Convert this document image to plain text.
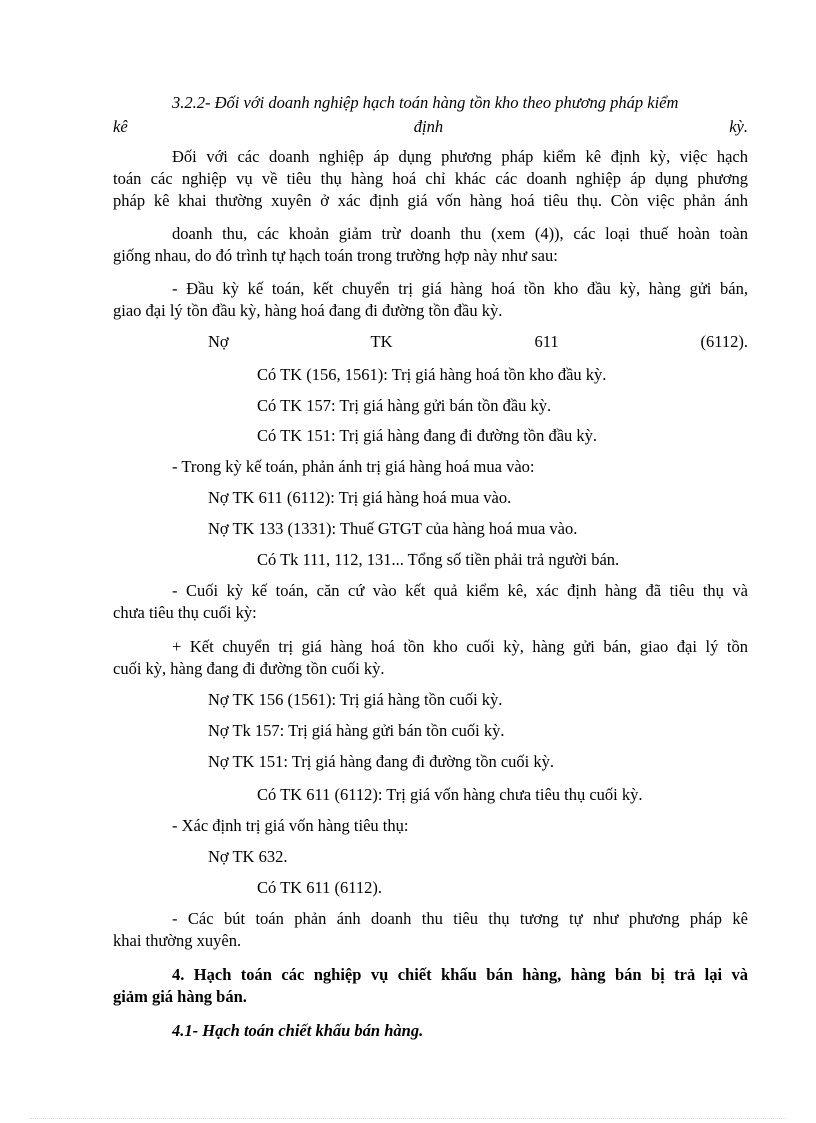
3.2.2- Đối với doanh nghiệp hạch toán hàng tồn kho theo phương pháp kiểm
kê	định	kỳ.
Đối với các doanh nghiệp áp dụng phương pháp kiểm kê định kỳ, việc hạch
toán các nghiệp vụ về tiêu thụ hàng hoá chỉ khác các doanh nghiệp áp dụng phương
pháp kê khai thường xuyên ở xác định giá vốn hàng hoá tiêu thụ. Còn việc phản ánh
doanh thu, các khoản giảm trừ doanh thu (xem (4)), các loại thuế hoàn toàn
giống nhau, do đó trình tự hạch toán trong trường hợp này như sau:
- Đầu kỳ kế toán, kết chuyển trị giá hàng hoá tồn kho đầu kỳ, hàng gửi bán,
giao đại lý tồn đầu kỳ, hàng hoá đang đi đường tồn đầu kỳ.
Nợ	TK	611	(6112).
Có TK (156, 1561): Trị giá hàng hoá tồn kho đầu kỳ.
Có TK 157: Trị giá hàng gửi bán tồn đầu kỳ.
Có TK 151: Trị giá hàng đang đi đường tồn đầu kỳ.
- Trong kỳ kế toán, phản ánh trị giá hàng hoá mua vào:
Nợ TK 611 (6112): Trị giá hàng hoá mua vào.
Nợ TK 133 (1331): Thuế GTGT của hàng hoá mua vào.
Có Tk 111, 112, 131... Tổng số tiền phải trả người bán.
- Cuối kỳ kế toán, căn cứ vào kết quả kiểm kê, xác định hàng đã tiêu thụ và
chưa tiêu thụ cuối kỳ:
+ Kết chuyển trị giá hàng hoá tồn kho cuối kỳ, hàng gửi bán, giao đại lý tồn
cuối kỳ, hàng đang đi đường tồn cuối kỳ.
Nợ TK 156 (1561): Trị giá hàng tồn cuối kỳ.
Nợ Tk 157: Trị giá hàng gửi bán tồn cuối kỳ.
Nợ TK 151: Trị giá hàng đang đi đường tồn cuối kỳ.
Có TK 611 (6112): Trị giá vốn hàng chưa tiêu thụ cuối kỳ.
- Xác định trị giá vốn hàng tiêu thụ:
Nợ TK 632.
Có TK 611 (6112).
- Các bút toán phản ánh doanh thu tiêu thụ tương tự như phương pháp kê
khai thường xuyên.
4. Hạch toán các nghiệp vụ chiết khấu bán hàng, hàng bán bị trả lại và
giảm giá hàng bán.
4.1- Hạch toán chiết khấu bán hàng.
